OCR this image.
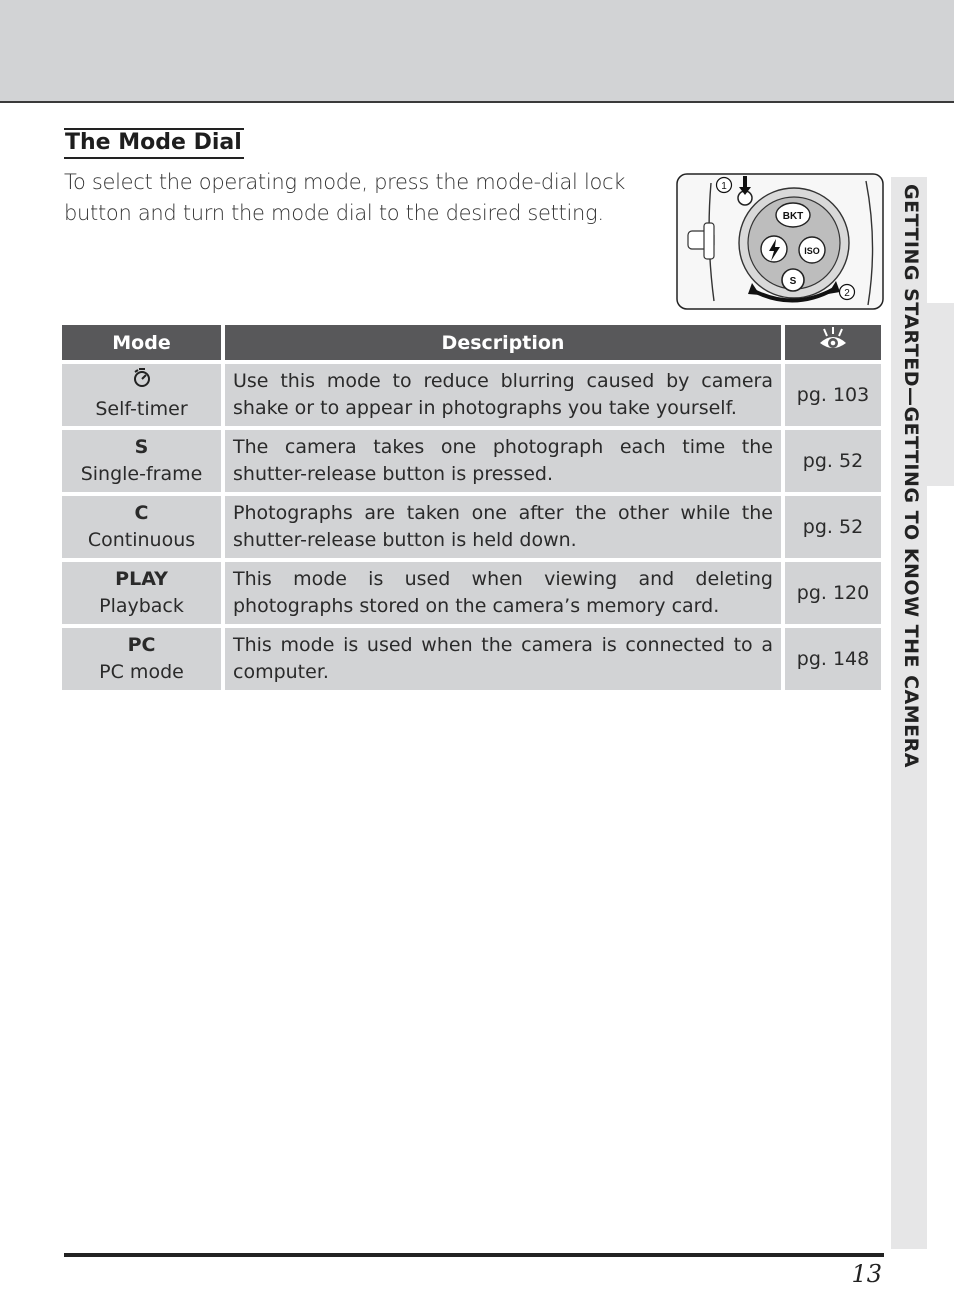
The Mode Dial

To select the operating mode, press the mode-dial lock button and turn the mode dial to the desired setting.	BKT
ISO
S
1
2
Mode	Description	

Self-timer	Use this mode to reduce blurring caused by camera shake or to appear in photographs you take yourself.	pg. 103

S
Single-frame	The camera takes one photograph each time the shutter-release button is pressed.	pg. 52

C
Continuous	Photographs are taken one after the other while the shutter-release button is held down.	pg. 52

PLAY
Playback	This mode is used when viewing and deleting photographs stored on the camera’s memory card.	pg. 120

PC
PC mode	This mode is used when the camera is connected to a computer.	pg. 148 GETTING STARTED—GETTING TO KNOW THE CAMERA
13
